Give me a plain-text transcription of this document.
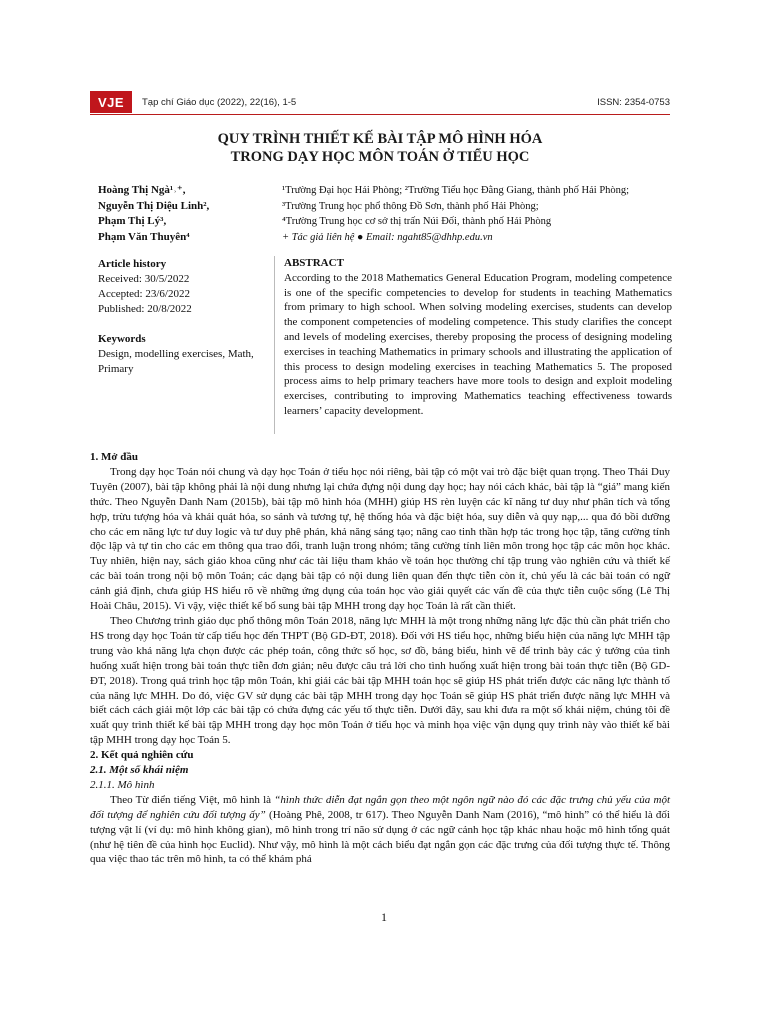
VJE	Tạp chí Giáo dục (2022), 22(16), 1-5	ISSN: 2354-0753
QUY TRÌNH THIẾT KẾ BÀI TẬP MÔ HÌNH HÓA
TRONG DẠY HỌC MÔN TOÁN Ở TIỂU HỌC
Hoàng Thị Ngà¹˒⁺,
Nguyễn Thị Diệu Linh²,
Phạm Thị Lý³,
Phạm Văn Thuyên⁴
¹Trường Đại học Hải Phòng; ²Trường Tiểu học Đằng Giang, thành phố Hải Phòng;
³Trường Trung học phổ thông Đồ Sơn, thành phố Hải Phòng;
⁴Trường Trung học cơ sở thị trấn Núi Đối, thành phố Hải Phòng
+ Tác giả liên hệ ● Email: ngaht85@dhhp.edu.vn
Article history
Received: 30/5/2022
Accepted: 23/6/2022
Published: 20/8/2022
Keywords
Design, modelling exercises, Math, Primary
ABSTRACT
According to the 2018 Mathematics General Education Program, modeling competence is one of the specific competencies to develop for students in teaching Mathematics from primary to high school. When solving modeling exercises, students can develop the component competencies of modeling competence. This study clarifies the concept and levels of modeling exercises, thereby proposing the process of designing modeling exercises in teaching Mathematics in primary schools and illustrating the application of this process to design modeling exercises in teaching Mathematics 5. The proposed process aims to help primary teachers have more tools to design and exploit modeling exercises, contributing to improving Mathematics teaching effectiveness towards learners’ capacity development.

1. Mở đầu

Trong dạy học Toán nói chung và dạy học Toán ở tiểu học nói riêng, bài tập có một vai trò đặc biệt quan trọng. Theo Thái Duy Tuyên (2007), bài tập không phải là nội dung nhưng lại chứa đựng nội dung dạy học; hay nói cách khác, bài tập là “giá” mang kiến thức. Theo Nguyễn Danh Nam (2015b), bài tập mô hình hóa (MHH) giúp HS rèn luyện các kĩ năng tư duy như phân tích và tổng hợp, trừu tượng hóa và khái quát hóa, so sánh và tương tự, hệ thống hóa và đặc biệt hóa, suy diễn và quy nạp,... qua đó bồi dưỡng cho các em năng lực tư duy logic và tư duy phê phán, khả năng sáng tạo; nâng cao tinh thần hợp tác trong học tập, tăng cường tính độc lập và tự tin cho các em thông qua trao đổi, tranh luận trong nhóm; tăng cường tính liên môn trong học tập các môn học khác. Tuy nhiên, hiện nay, sách giáo khoa cũng như các tài liệu tham khảo về toán học thường chỉ tập trung vào nghiên cứu và thiết kế các bài toán trong nội bộ môn Toán; các dạng bài tập có nội dung liên quan đến thực tiễn còn ít, chủ yếu là các bài toán có ngữ cảnh giả định, chưa giúp HS hiểu rõ về những ứng dụng của toán học vào giải quyết các vấn đề của thực tiễn cuộc sống (Lê Thị Hoài Châu, 2015). Vì vậy, việc thiết kế bổ sung bài tập MHH trong dạy học Toán là rất cần thiết.

Theo Chương trình giáo dục phổ thông môn Toán 2018, năng lực MHH là một trong những năng lực đặc thù cần phát triển cho HS trong dạy học Toán từ cấp tiểu học đến THPT (Bộ GD-ĐT, 2018). Đối với HS tiểu học, những biểu hiện của năng lực MHH tập trung vào khả năng lựa chọn được các phép toán, công thức số học, sơ đồ, bảng biểu, hình vẽ để trình bày các ý tưởng của tình huống xuất hiện trong bài toán thực tiễn đơn giản; nêu được câu trả lời cho tình huống xuất hiện trong bài toán thực tiễn (Bộ GD-ĐT, 2018). Trong quá trình học tập môn Toán, khi giải các bài tập MHH toán học sẽ giúp HS phát triển được các năng lực thành tố của năng lực MHH. Do đó, việc GV sử dụng các bài tập MHH trong dạy học Toán sẽ giúp HS phát triển được năng lực MHH và biết cách cách giải một lớp các bài tập có chứa đựng các yếu tố thực tiễn. Dưới đây, sau khi đưa ra một số khái niệm, chúng tôi đề xuất quy trình thiết kế bài tập MHH trong dạy học môn Toán ở tiểu học và minh họa việc vận dụng quy trình này vào thiết kế bài tập MHH trong dạy học Toán 5.

2. Kết quả nghiên cứu

2.1. Một số khái niệm

2.1.1. Mô hình

Theo Từ điển tiếng Việt, mô hình là “hình thức diễn đạt ngắn gọn theo một ngôn ngữ nào đó các đặc trưng chủ yếu của một đối tượng để nghiên cứu đối tượng ấy” (Hoàng Phê, 2008, tr 617). Theo Nguyễn Danh Nam (2016), “mô hình” có thể hiểu là đối tượng vật lí (ví dụ: mô hình không gian), mô hình trong trí não sử dụng ở các ngữ cảnh học tập khác nhau hoặc mô hình tổng quát (như hệ tiên đề của hình học Euclid). Như vậy, mô hình là một cách biểu đạt ngắn gọn các đặc trưng của đối tượng thực tế. Thông qua việc thao tác trên mô hình, ta có thể khám phá

1
